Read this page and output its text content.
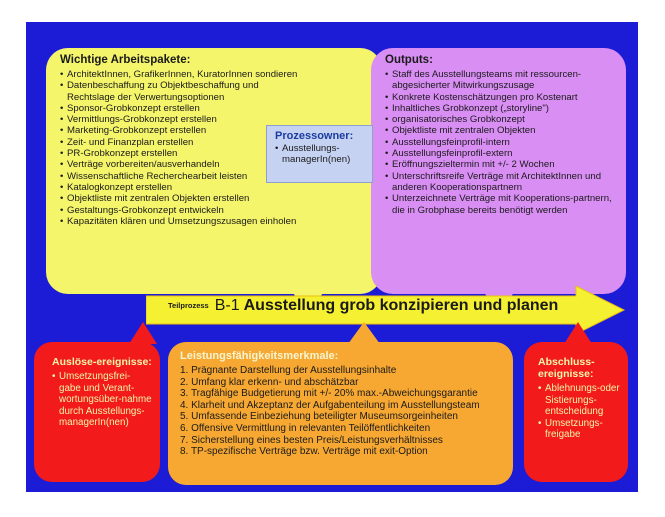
Wichtige Arbeitspakete:
• ArchitektInnen, GrafikerInnen, KuratorInnen sondieren
• Datenbeschaffung zu Objektbeschaffung und Rechtslage der Verwertungsoptionen
• Sponsor-Grobkonzept erstellen
• Vermittlungs-Grobkonzept erstellen
• Marketing-Grobkonzept erstellen
• Zeit- und Finanzplan erstellen
• PR-Grobkonzept erstellen
• Verträge vorbereiten/ausverhandeln
• Wissenschaftliche Recherchearbeit leisten
• Katalogkonzept erstellen
• Objektliste mit zentralen Objekten erstellen
• Gestaltungs-Grobkonzept entwickeln
• Kapazitäten klären und Umsetzungszusagen einholen
Outputs:
• Staff des Ausstellungsteams mit ressourcen-abgesicherter Mitwirkungszusage
• Konkrete Kostenschätzungen pro Kostenart
• Inhaltliches Grobkonzept („storyline")
• organisatorisches Grobkonzept
• Objektliste mit zentralen Objekten
• Ausstellungsfeinprofil-intern
• Ausstellungsfeinprofil-extern
• Eröffnungszieltermin mit +/- 2 Wochen
• Unterschriftsreife Verträge mit ArchitektInnen und anderen Kooperationspartnern
• Unterzeichnete Verträge mit Kooperations-partnern, die in Grobphase bereits benötigt werden
Prozessowner:
• Ausstellungs-managerIn(nen)
Teilprozess B-1 Ausstellung grob konzipieren und planen
Auslöse-ereignisse:
• Umsetzungsfrei-gabe und Verant-wortungsüber-nahme durch Ausstellungs-managerIn(nen)
Leistungsfähigkeitsmerkmale:
1. Prägnante Darstellung der Ausstellungsinhalte
2. Umfang klar erkenn- und abschätzbar
3. Tragfähige Budgetierung mit +/- 20% max.-Abweichungsgarantie
4. Klarheit und Akzeptanz der Aufgabenteilung im Ausstellungsteam
5. Umfassende Einbeziehung beteiligter Museumsorgeinheiten
6. Offensive Vermittlung in relevanten Teilöffentlichkeiten
7. Sicherstellung eines besten Preis/Leistungsverhältnisses
8. TP-spezifische Verträge bzw. Verträge mit exit-Option
Abschluss-ereignisse:
• Ablehnungs-oder Sistierungs-entscheidung
• Umsetzungs-freigabe
